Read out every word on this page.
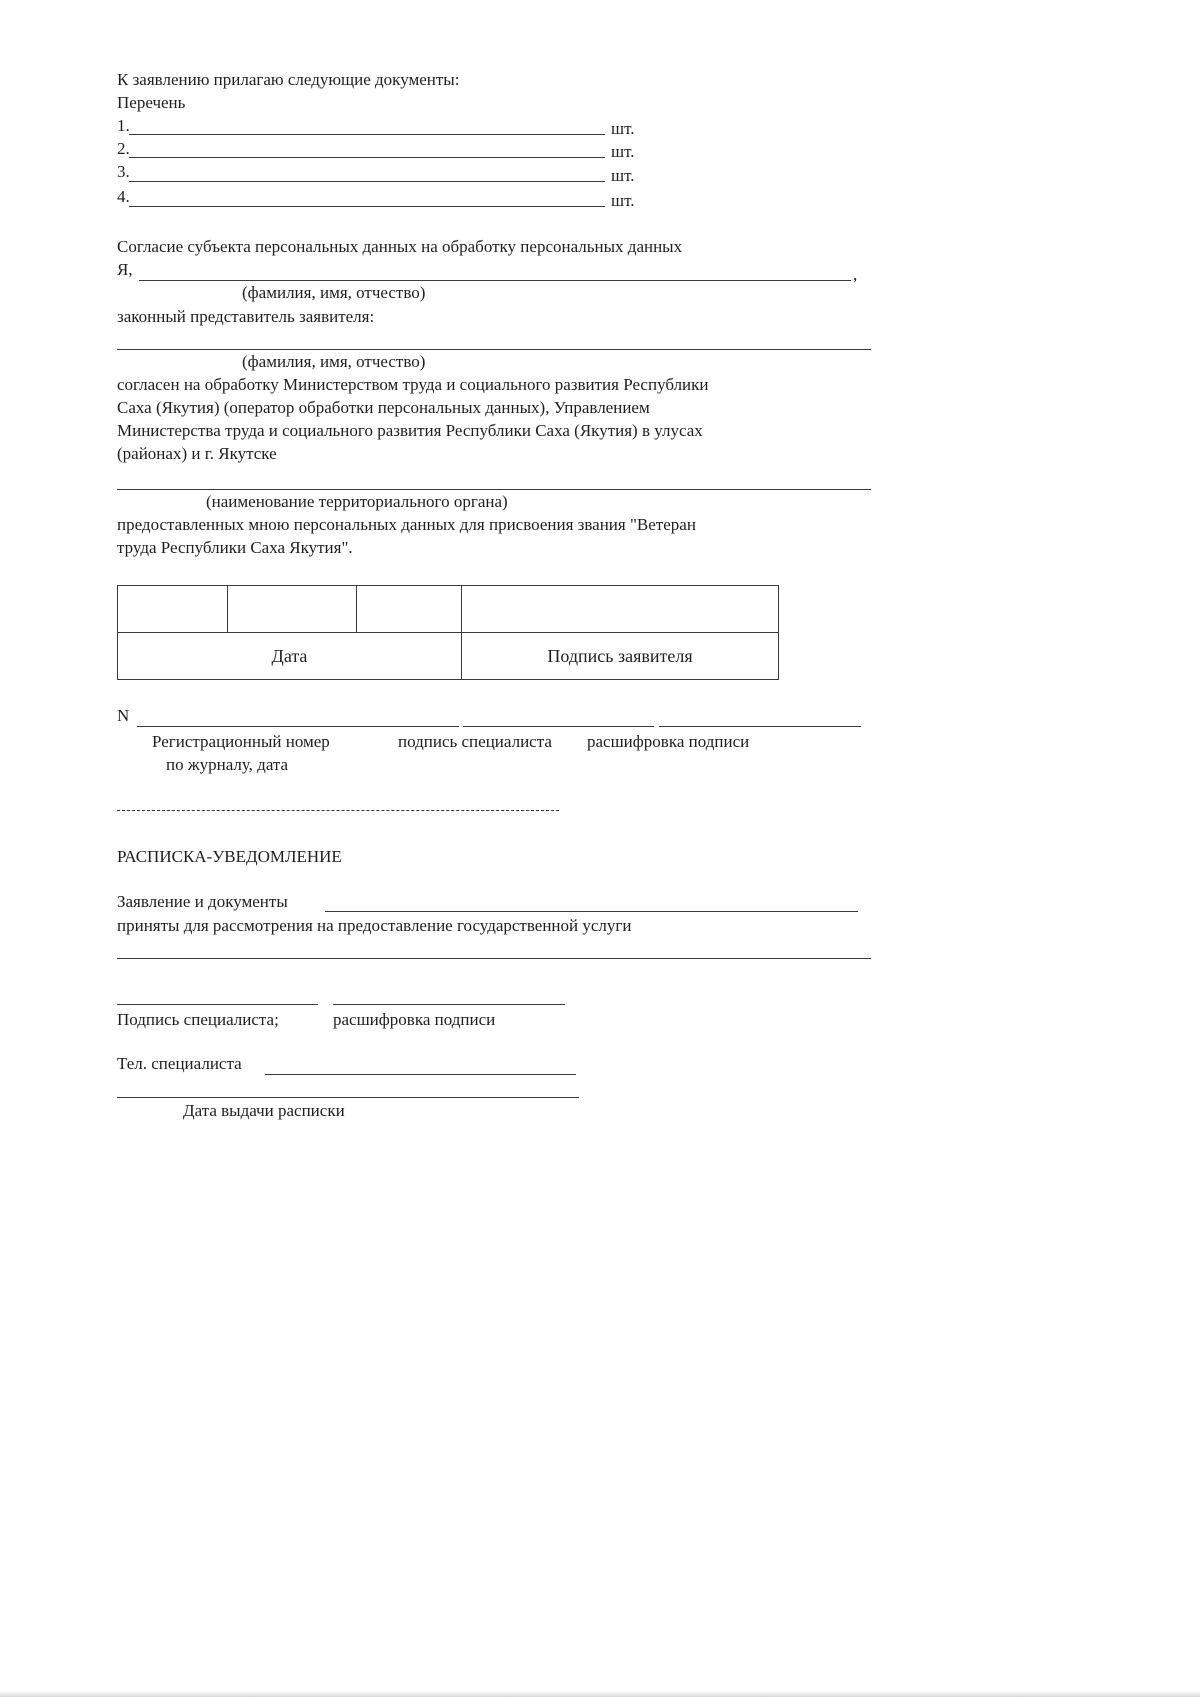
К заявлению прилагаю следующие документы:
Перечень
1.	шт.
2.	шт.
3.	шт.
4.	шт.
Согласие субъекта персональных данных на обработку персональных данных
Я,	,
(фамилия, имя, отчество)
законный представитель заявителя:
(фамилия, имя, отчество)
согласен на обработку Министерством труда и социального развития Республики
Саха (Якутия) (оператор обработки персональных данных), Управлением
Министерства труда и социального развития Республики Саха (Якутия) в улусах
(районах) и г. Якутске
(наименование территориального органа)
предоставленных мною персональных данных для присвоения звания "Ветеран
труда Республики Саха Якутия".

Дата			Подпись заявителя
N
Регистрационный номер
по журналу, дата
подпись специалиста расшифровка подписи
РАСПИСКА-УВЕДОМЛЕНИЕ
Заявление и документы
приняты для рассмотрения на предоставление государственной услуги
Подпись специалиста;	расшифровка подписи
Тел. специалиста
Дата выдачи расписки
